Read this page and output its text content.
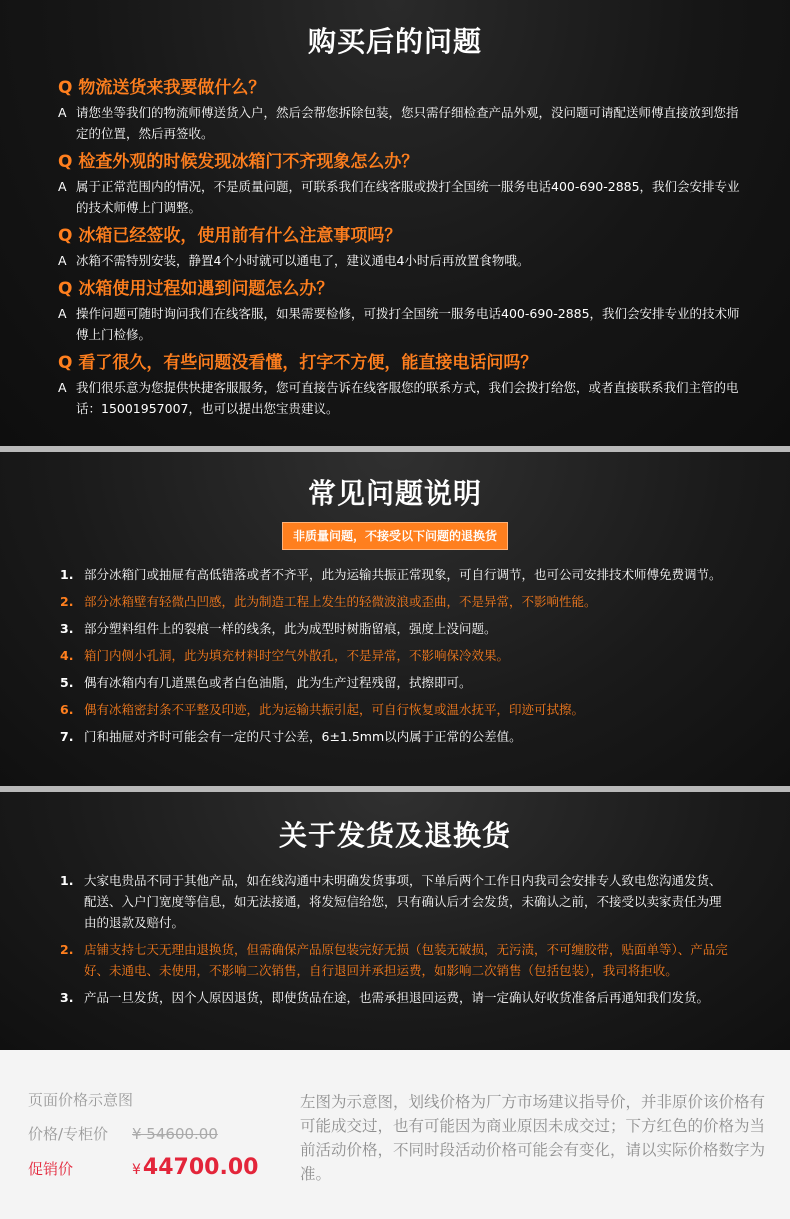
购买后的问题
Q 物流送货来我要做什么？
A 请您坐等我们的物流师傅送货入户，然后会帮您拆除包装，您只需仔细检查产品外观，没问题可请配送师傅直接放到您指定的位置，然后再签收。
Q 检查外观的时候发现冰箱门不齐现象怎么办？
A 属于正常范围内的情况，不是质量问题，可联系我们在线客服或拨打全国统一服务电话400-690-2885，我们会安排专业的技术师傅上门调整。
Q 冰箱已经签收，使用前有什么注意事项吗？
A 冰箱不需特别安装，静置4个小时就可以通电了，建议通电4小时后再放置食物哦。
Q 冰箱使用过程如遇到问题怎么办？
A 操作问题可随时询问我们在线客服，如果需要检修，可拨打全国统一服务电话400-690-2885，我们会安排专业的技术师傅上门检修。
Q 看了很久，有些问题没看懂，打字不方便，能直接电话问吗？
A 我们很乐意为您提供快捷客服服务，您可直接告诉在线客服您的联系方式，我们会拨打给您，或者直接联系我们主管的电话：15001957007，也可以提出您宝贵建议。
常见问题说明
非质量问题，不接受以下问题的退换货
1. 部分冰箱门或抽屉有高低错落或者不齐平，此为运输共振正常现象，可自行调节，也可公司安排技术师傅免费调节。
2. 部分冰箱壁有轻微凸凹感，此为制造工程上发生的轻微波浪或歪曲，不是异常，不影响性能。
3. 部分塑料组件上的裂痕一样的线条，此为成型时树脂留痕，强度上没问题。
4. 箱门内侧小孔洞，此为填充材料时空气外散孔，不是异常，不影响保冷效果。
5. 偶有冰箱内有几道黑色或者白色油脂，此为生产过程残留，拭擦即可。
6. 偶有冰箱密封条不平整及印迹，此为运输共振引起，可自行恢复或温水抚平，印迹可拭擦。
7. 门和抽屉对齐时可能会有一定的尺寸公差，6±1.5mm以内属于正常的公差值。
关于发货及退换货
1. 大家电贵品不同于其他产品，如在线沟通中未明确发货事项，下单后两个工作日内我司会安排专人致电您沟通发货、配送、入户门宽度等信息，如无法接通，将发短信给您，只有确认后才会发货，未确认之前，不接受以卖家责任为理由的退款及赔付。
2. 店铺支持七天无理由退换货，但需确保产品原包装完好无损（包装无破损，无污渍，不可缠胶带，贴面单等）、产品完好、未通电、未使用，不影响二次销售，自行退回并承担运费，如影响二次销售（包括包装），我司将拒收。
3. 产品一旦发货，因个人原因退货，即使货品在途，也需承担退回运费，请一定确认好收货准备后再通知我们发货。
页面价格示意图
价格/专柜价	¥ 54600.00
促销价	¥ 44700.00
左图为示意图，划线价格为厂方市场建议指导价，并非原价该价格有可能成交过，也有可能因为商业原因未成交过；下方红色的价格为当前活动价格，不同时段活动价格可能会有变化，请以实际价格数字为准。
